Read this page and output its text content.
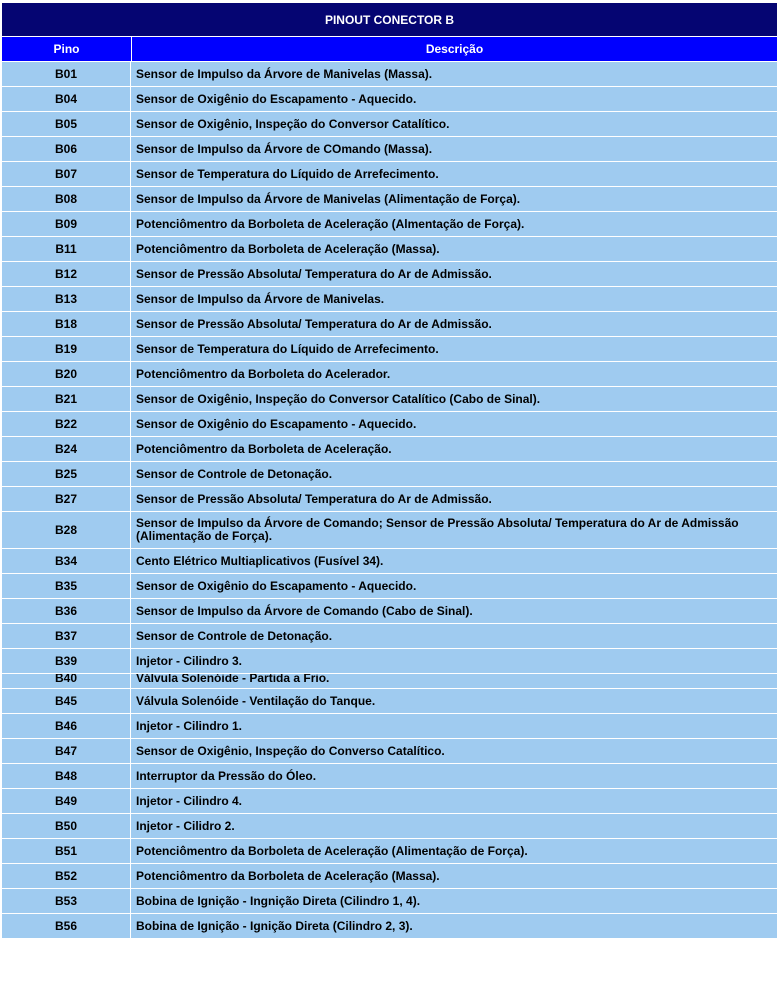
PINOUT CONECTOR B
Pino	Descrição
B01	Sensor de Impulso da Árvore de Manivelas (Massa).
B04	Sensor de Oxigênio do Escapamento - Aquecido.
B05	Sensor de Oxigênio, Inspeção do Conversor Catalítico.
B06	Sensor de Impulso da Árvore de COmando (Massa).
B07	Sensor de Temperatura do Líquido de Arrefecimento.
B08	Sensor de Impulso da Árvore de Manivelas (Alimentação de Força).
B09	Potenciômentro da Borboleta de Aceleração (Almentação de Força).
B11	Potenciômentro da Borboleta de Aceleração (Massa).
B12	Sensor de Pressão Absoluta/ Temperatura do Ar de Admissão.
B13	Sensor de Impulso da Árvore de Manivelas.
B18	Sensor de Pressão Absoluta/ Temperatura do Ar de Admissão.
B19	Sensor de Temperatura do Líquido de Arrefecimento.
B20	Potenciômentro da Borboleta do Acelerador.
B21	Sensor de Oxigênio, Inspeção do Conversor Catalítico (Cabo de Sinal).
B22	Sensor de Oxigênio do Escapamento - Aquecido.
B24	Potenciômentro da Borboleta de Aceleração.
B25	Sensor de Controle de Detonação.
B27	Sensor de Pressão Absoluta/ Temperatura do Ar de Admissão.
B28	Sensor de Impulso da Árvore de Comando; Sensor de Pressão Absoluta/ Temperatura do Ar de Admissão (Alimentação de Força).
B34	Cento Elétrico Multiaplicativos (Fusível 34).
B35	Sensor de Oxigênio do Escapamento - Aquecido.
B36	Sensor de Impulso da Árvore de Comando (Cabo de Sinal).
B37	Sensor de Controle de Detonação.
B39	Injetor - Cilindro 3.
B40	Válvula Solenóide - Partida a Frio.
B45	Válvula Solenóide - Ventilação do Tanque.
B46	Injetor - Cilindro 1.
B47	Sensor de Oxigênio, Inspeção do Converso Catalítico.
B48	Interruptor da Pressão do Óleo.
B49	Injetor - Cilindro 4.
B50	Injetor - Cilidro 2.
B51	Potenciômentro da Borboleta de Aceleração (Alimentação de Força).
B52	Potenciômentro da Borboleta de Aceleração (Massa).
B53	Bobina de Ignição - Ingnição Direta (Cilindro 1, 4).
B56	Bobina de Ignição - Ignição Direta (Cilindro 2, 3).
